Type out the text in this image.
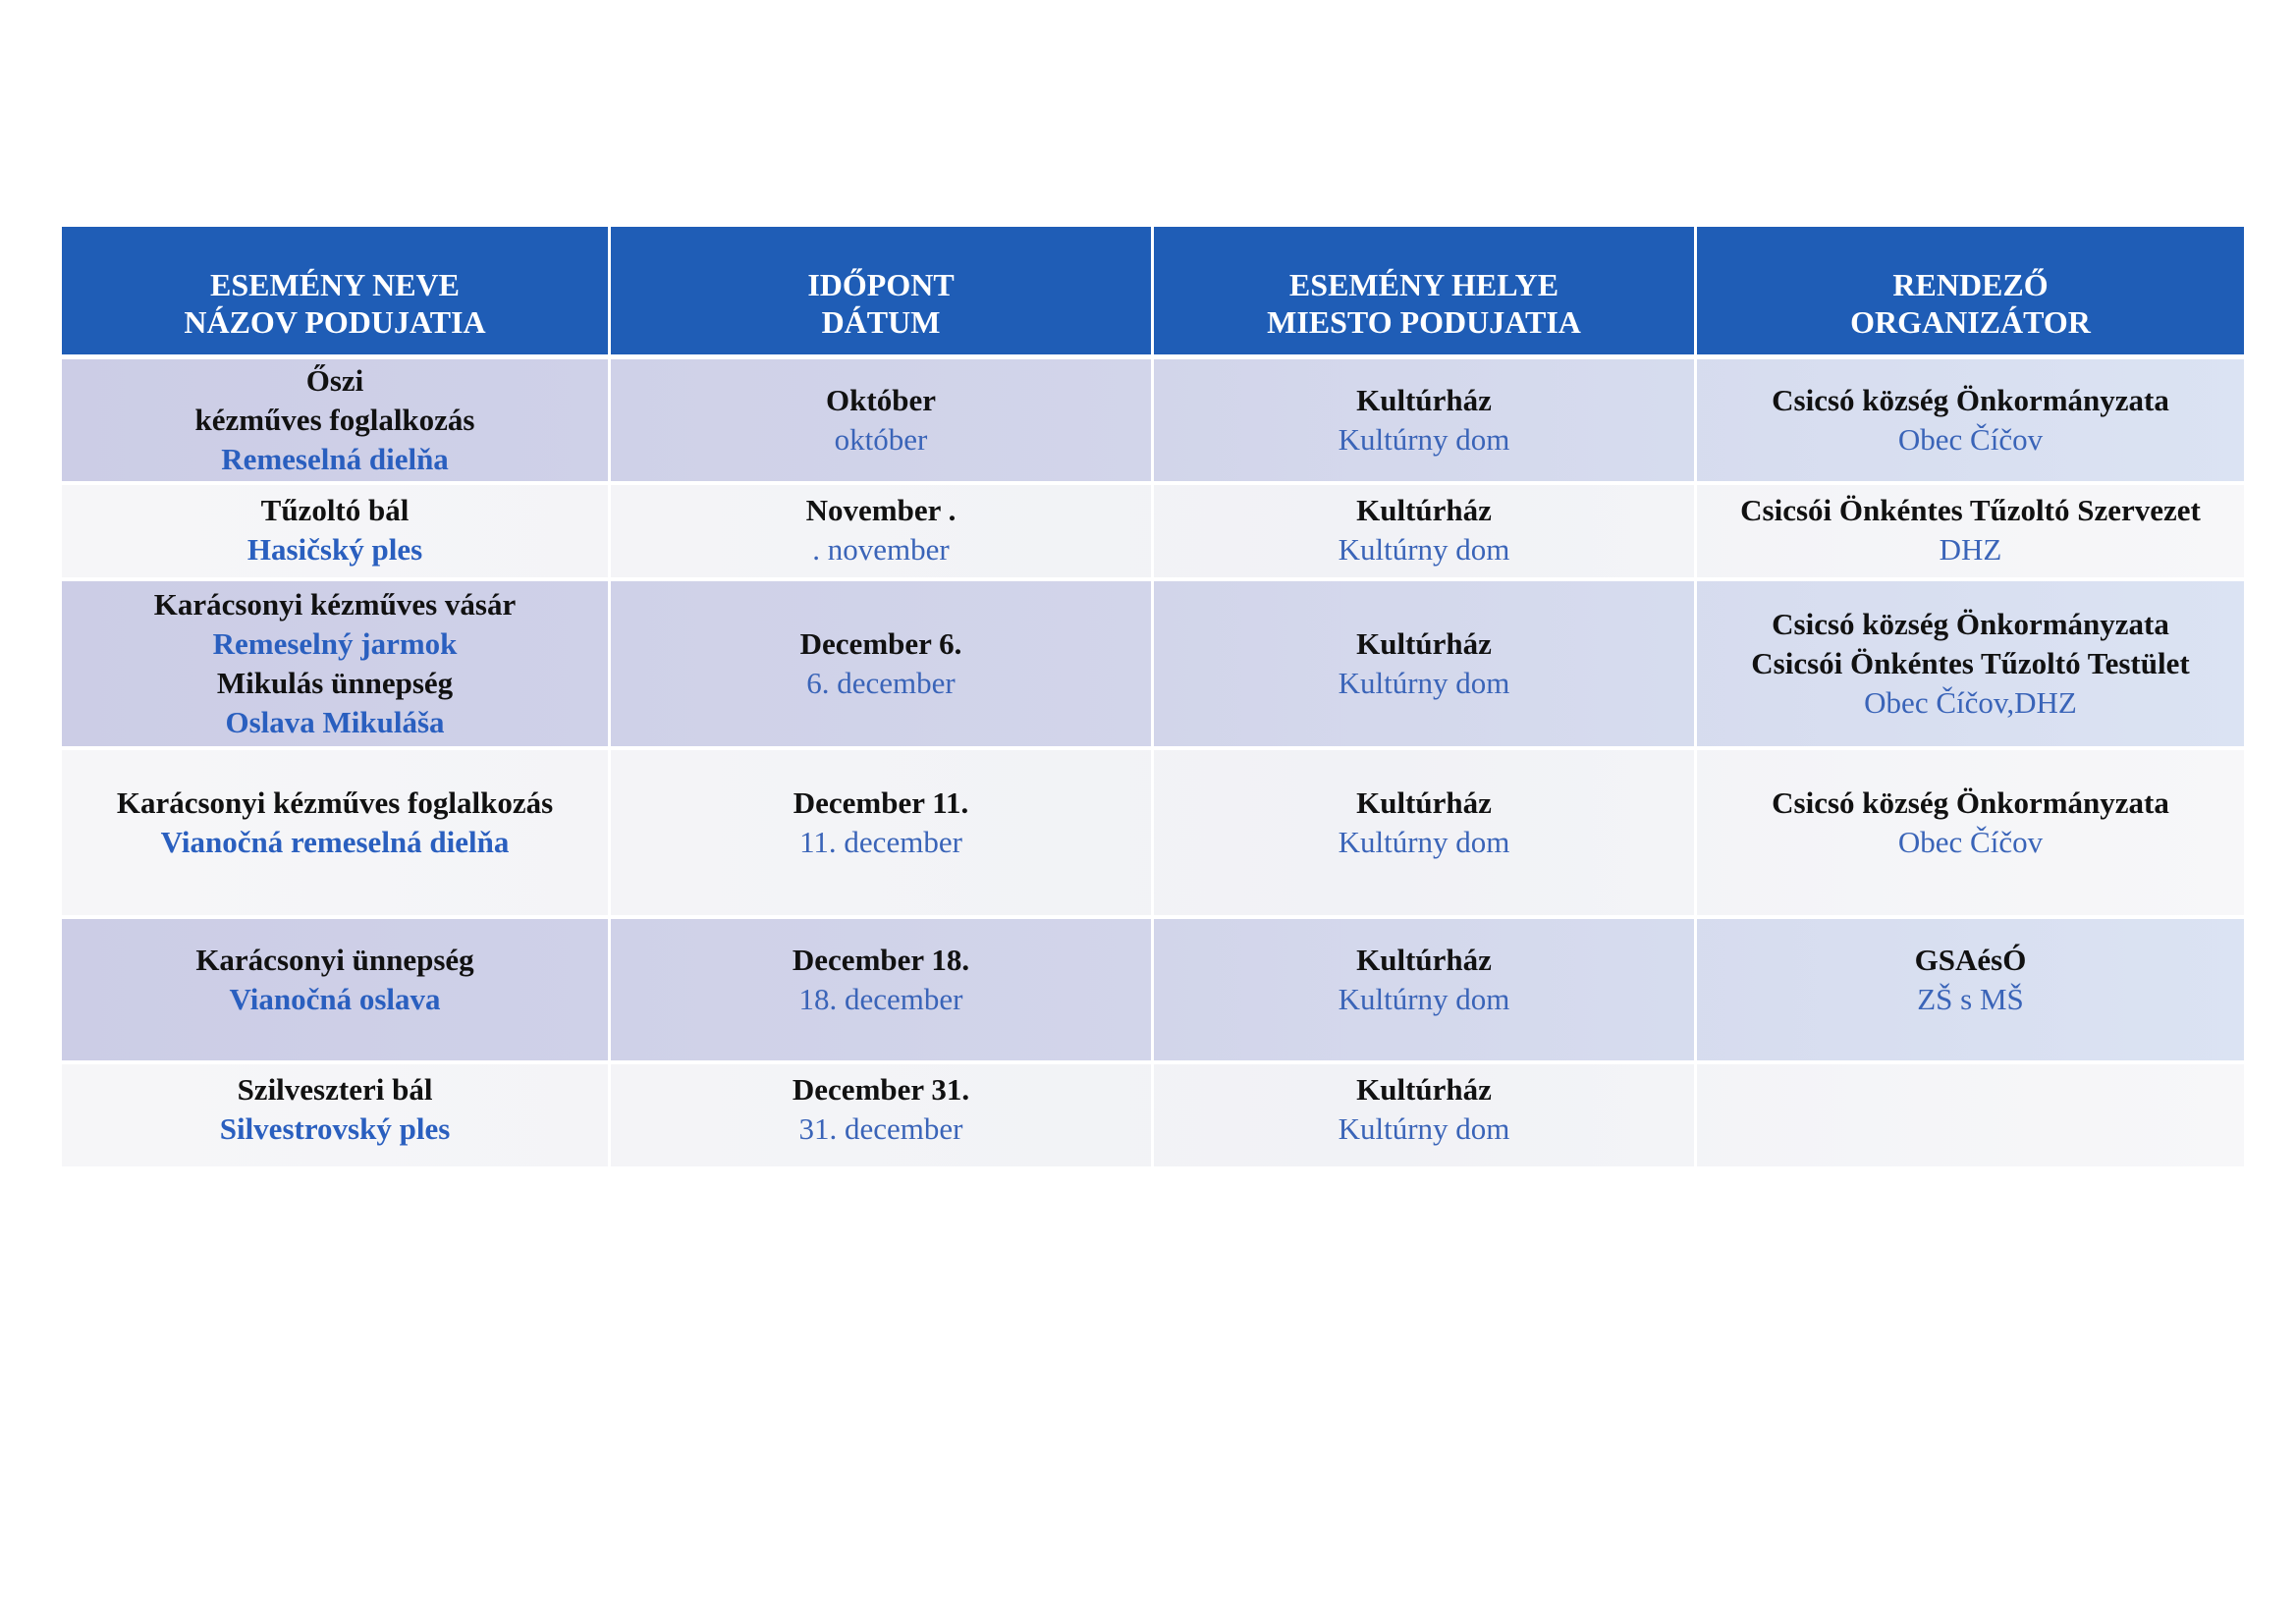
ESEMÉNY NEVE
NÁZOV PODUJATIA
IDŐPONT
DÁTUM
ESEMÉNY HELYE
MIESTO PODUJATIA
RENDEZŐ
ORGANIZÁTOR
Őszi
kézműves foglalkozás
Remeselná dielňa
Október
október
Kultúrház
Kultúrny dom
Csicsó község Önkormányzata
Obec Číčov
Tűzoltó bál
Hasičský ples
November .
. november
Kultúrház
Kultúrny dom
Csicsói Önkéntes Tűzoltó Szervezet
DHZ
Karácsonyi kézműves vásár
Remeselný jarmok
Mikulás ünnepség
Oslava Mikuláša
December 6.
6. december
Kultúrház
Kultúrny dom
Csicsó község Önkormányzata
Csicsói Önkéntes Tűzoltó Testület
Obec Číčov,DHZ
Karácsonyi kézműves foglalkozás
Vianočná remeselná dielňa
December 11.
11. december
Kultúrház
Kultúrny dom
Csicsó község Önkormányzata
Obec Číčov
Karácsonyi ünnepség
Vianočná oslava
December 18.
18. december
Kultúrház
Kultúrny dom
GSAésÓ
ZŠ s MŠ
Szilveszteri bál
Silvestrovský ples
December 31.
31. december
Kultúrház
Kultúrny dom
